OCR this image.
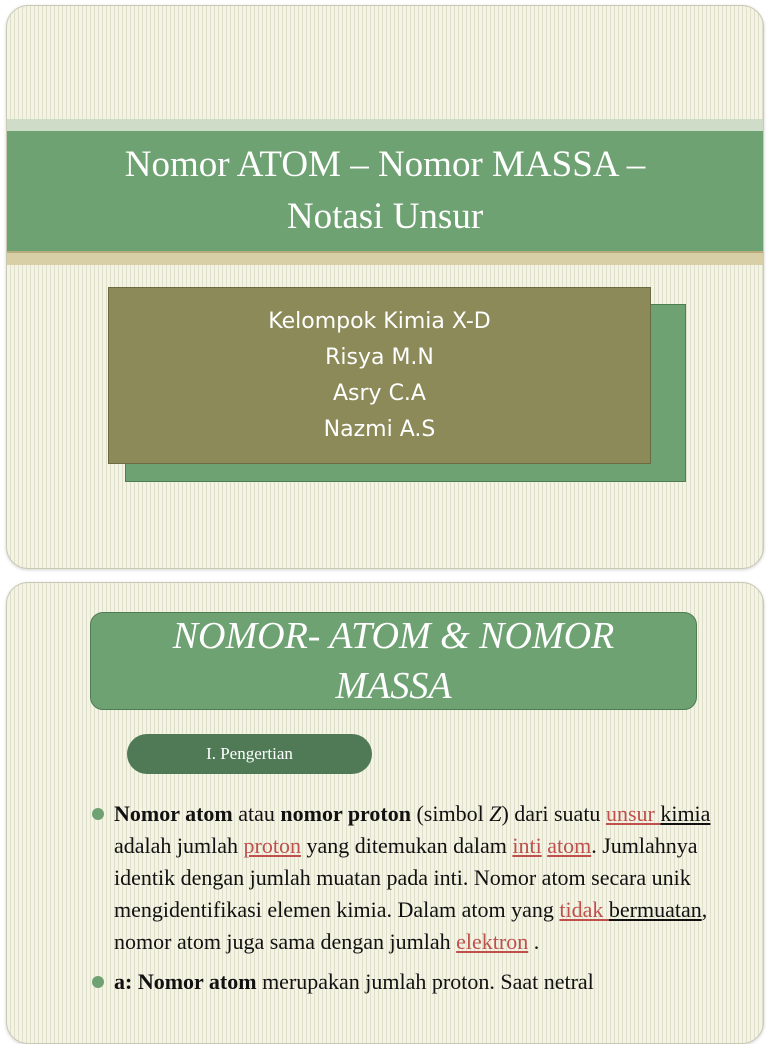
Nomor ATOM – Nomor MASSA –
Notasi Unsur
Kelompok Kimia X-D
Risya M.N
Asry C.A
Nazmi A.S
NOMOR- ATOM & NOMOR
MASSA
I. Pengertian
Nomor atom atau nomor proton (simbol Z) dari suatu unsur kimia adalah jumlah proton yang ditemukan dalam inti atom. Jumlahnya identik dengan jumlah muatan pada inti. Nomor atom secara unik mengidentifikasi elemen kimia. Dalam atom yang tidak bermuatan, nomor atom juga sama dengan jumlah elektron .
a: Nomor atom merupakan jumlah proton. Saat netral
